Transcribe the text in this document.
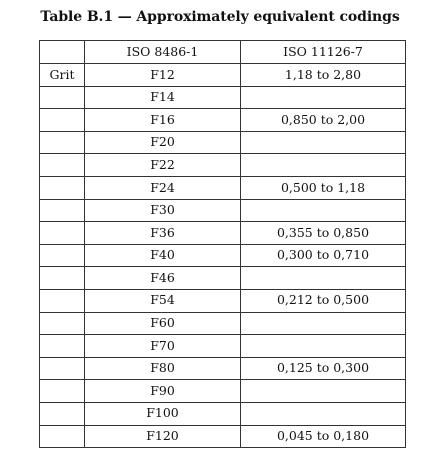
Table B.1 — Approximately equivalent codings
	ISO 8486-1	ISO 11126-7
Grit	F12	1,18 to 2,80
	F14	
	F16	0,850 to 2,00
	F20	
	F22	
	F24	0,500 to 1,18
	F30	
	F36	0,355 to 0,850
	F40	0,300 to 0,710
	F46	
	F54	0,212 to 0,500
	F60	
	F70	
	F80	0,125 to 0,300
	F90	
	F100	
	F120	0,045 to 0,180
